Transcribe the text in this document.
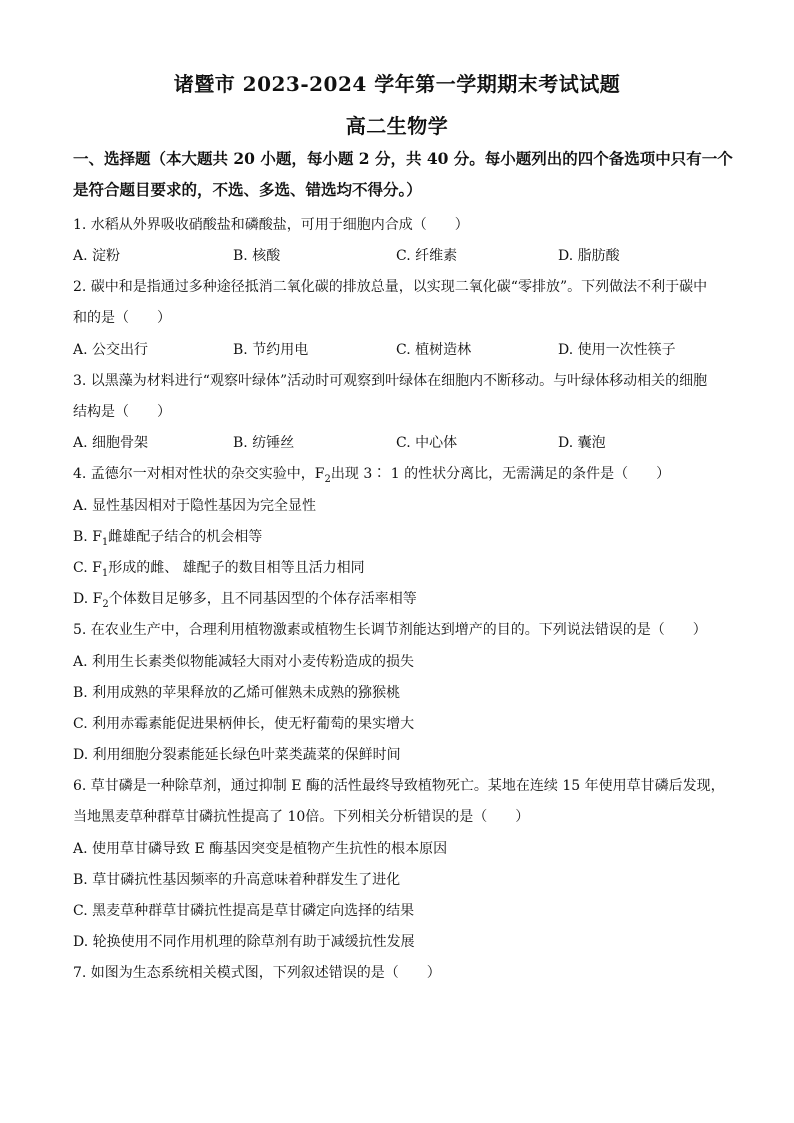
诸暨市 2023-2024 学年第一学期期末考试试题
高二生物学
一、选择题（本大题共 20 小题，每小题 2 分，共 40 分。每小题列出的四个备选项中只有一个是符合题目要求的，不选、多选、错选均不得分。）
1. 水稻从外界吸收硝酸盐和磷酸盐，可用于细胞内合成（　　）
A. 淀粉	B. 核酸	C. 纤维素	D. 脂肪酸
2. 碳中和是指通过多种途径抵消二氧化碳的排放总量，以实现二氧化碳“零排放”。下列做法不利于碳中
和的是（　　）
A. 公交出行	B. 节约用电	C. 植树造林	D. 使用一次性筷子
3. 以黑藻为材料进行“观察叶绿体”活动时可观察到叶绿体在细胞内不断移动。与叶绿体移动相关的细胞
结构是（　　）
A. 细胞骨架	B. 纺锤丝	C. 中心体	D. 囊泡
4. 孟德尔一对相对性状的杂交实验中，$F_2$出现 3∶ 1 的性状分离比，无需满足的条件是（　　）
A. 显性基因相对于隐性基因为完全显性
B. $F_1$雌雄配子结合的机会相等
C. $F_1$形成的雌、 雄配子的数目相等且活力相同
D. $F_2$个体数目足够多，且不同基因型的个体存活率相等
5. 在农业生产中，合理利用植物激素或植物生长调节剂能达到增产的目的。下列说法错误的是（　　）
A. 利用生长素类似物能减轻大雨对小麦传粉造成的损失
B. 利用成熟的苹果释放的乙烯可催熟未成熟的猕猴桃
C. 利用赤霉素能促进果柄伸长，使无籽葡萄的果实增大
D. 利用细胞分裂素能延长绿色叶菜类蔬菜的保鲜时间
6. 草甘磷是一种除草剂，通过抑制 E 酶的活性最终导致植物死亡。某地在连续 15 年使用草甘磷后发现，
当地黑麦草种群草甘磷抗性提高了 10倍。下列相关分析错误的是（　　）
A. 使用草甘磷导致 E 酶基因突变是植物产生抗性的根本原因
B. 草甘磷抗性基因频率的升高意味着种群发生了进化
C. 黑麦草种群草甘磷抗性提高是草甘磷定向选择的结果
D. 轮换使用不同作用机理的除草剂有助于减缓抗性发展
7. 如图为生态系统相关模式图，下列叙述错误的是（　　）
